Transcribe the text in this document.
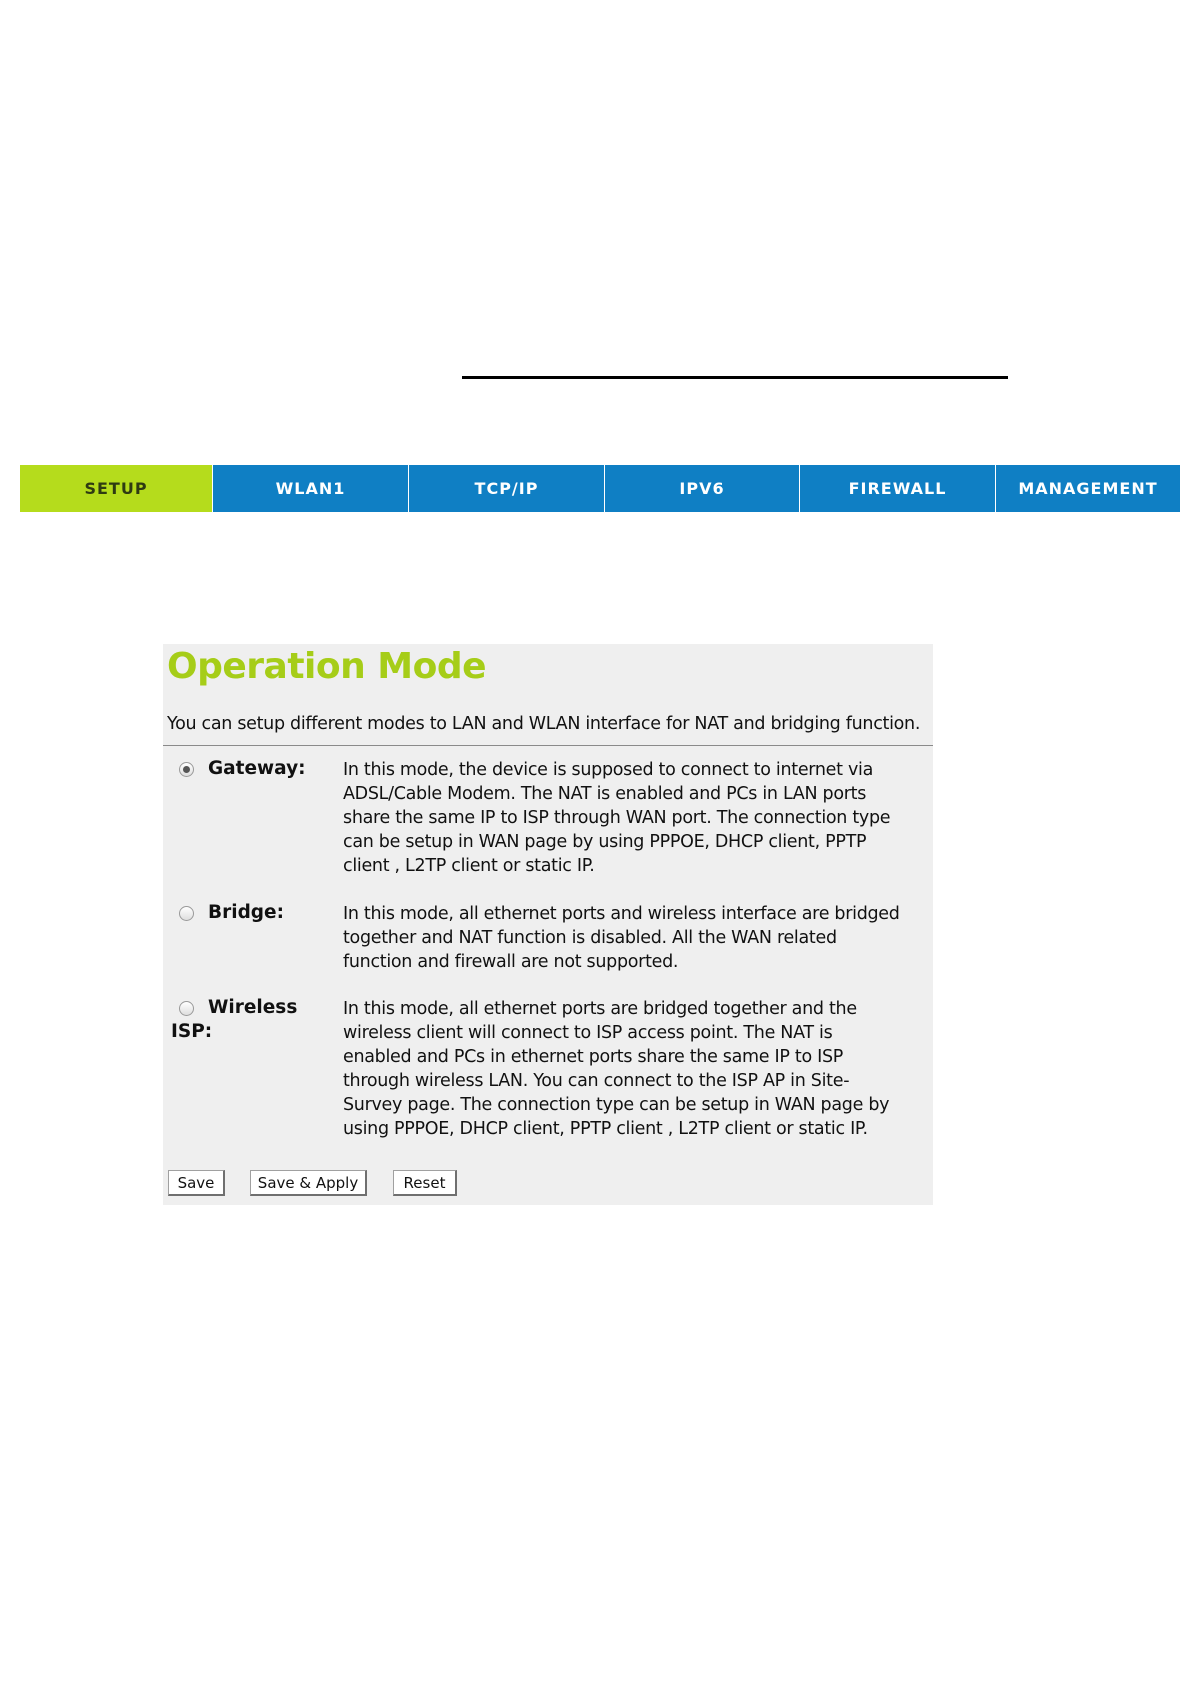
SETUP	WLAN1	TCP/IP	IPV6	FIREWALL	MANAGEMENT
Operation Mode
You can setup different modes to LAN and WLAN interface for NAT and bridging function.
Gateway: In this mode, the device is supposed to connect to internet via
ADSL/Cable Modem. The NAT is enabled and PCs in LAN ports
share the same IP to ISP through WAN port. The connection type
can be setup in WAN page by using PPPOE, DHCP client, PPTP
client , L2TP client or static IP.
Bridge:	In this mode, all ethernet ports and wireless interface are bridged
together and NAT function is disabled. All the WAN related
function and firewall are not supported.
Wireless
ISP:
In this mode, all ethernet ports are bridged together and the
wireless client will connect to ISP access point. The NAT is
enabled and PCs in ethernet ports share the same IP to ISP
through wireless LAN. You can connect to the ISP AP in Site-
Survey page. The connection type can be setup in WAN page by
using PPPOE, DHCP client, PPTP client , L2TP client or static IP.
Save	Save & Apply	Reset
